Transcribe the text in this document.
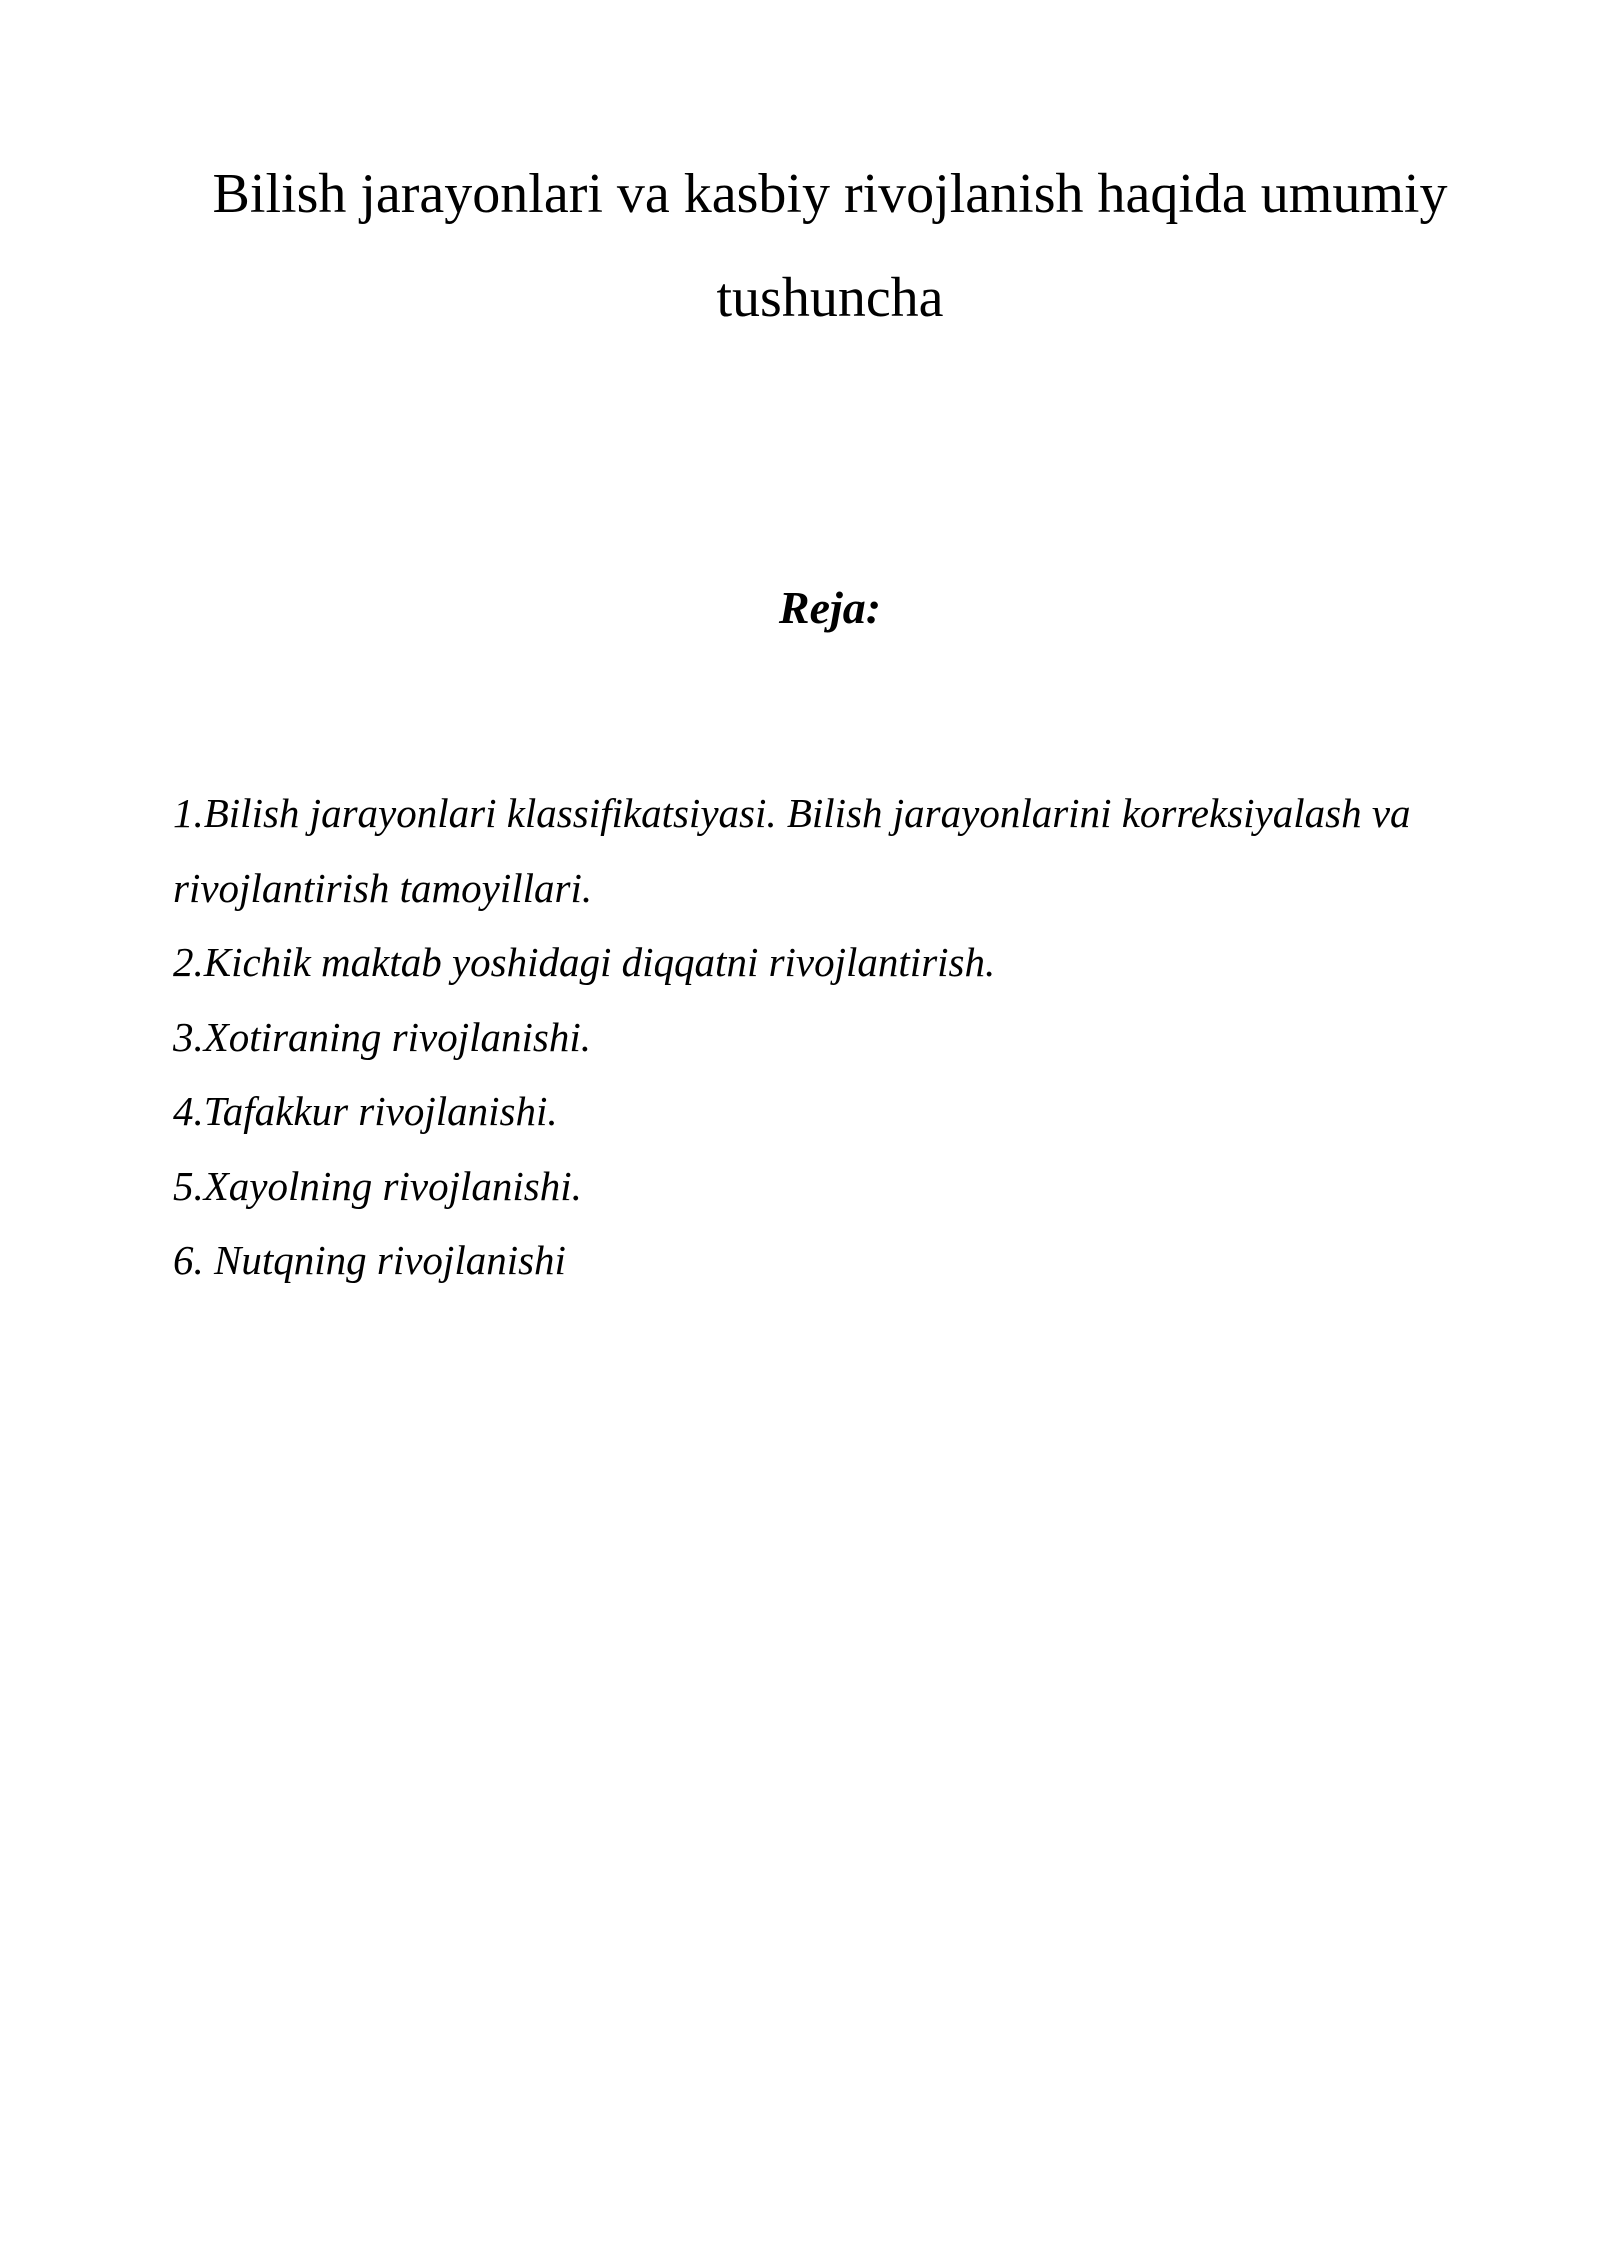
Bilish jarayonlari va kasbiy rivojlanish haqida umumiy tushuncha
Reja:
1.Bilish jarayonlari klassifikatsiyasi. Bilish jarayonlarini korreksiyalash va rivojlantirish tamoyillari.
2.Kichik maktab yoshidagi diqqatni rivojlantirish.
3.Xotiraning rivojlanishi.
4.Tafakkur rivojlanishi.
5.Xayolning rivojlanishi.
6. Nutqning rivojlanishi
